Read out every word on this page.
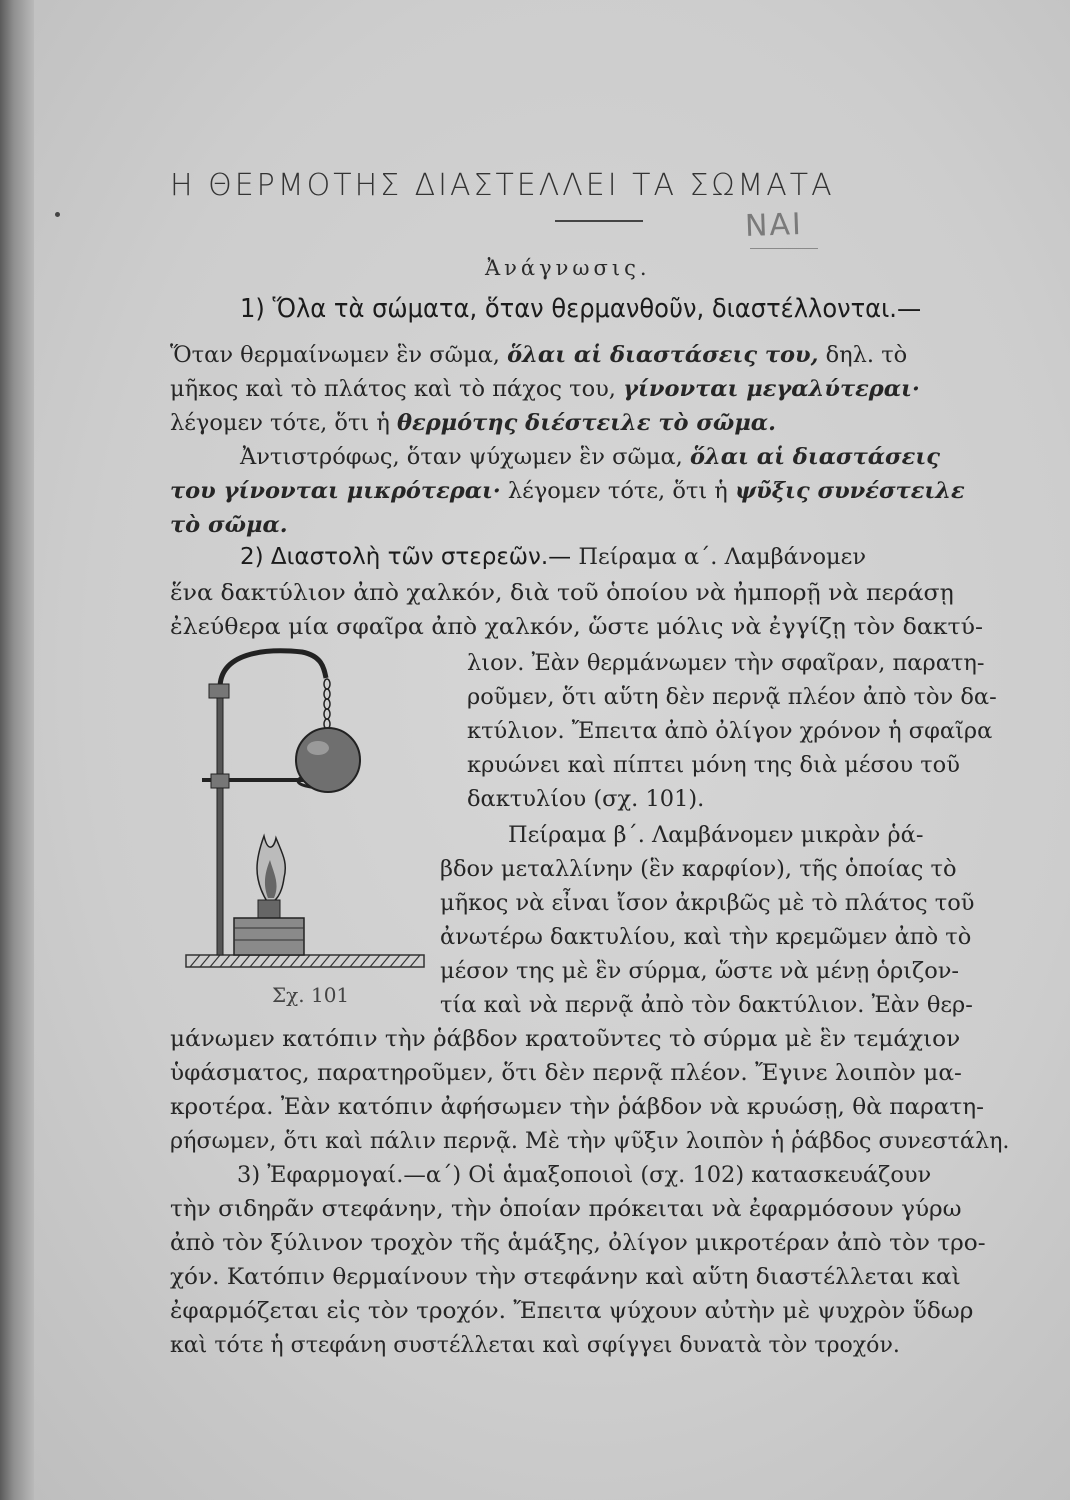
Η ΘΕΡΜΟΤΗΣ ΔΙΑΣΤΕΛΛΕΙ ΤΑ ΣΩΜΑΤΑ
ΝΑΙ
Ἀνάγνωσις.
1) Ὅλα τὰ σώματα, ὅταν θερμανθοῦν, διαστέλλονται.—
Ὅταν θερμαίνωμεν ἓν σῶμα, ὅλαι αἱ διαστάσεις του, δηλ. τὸ
μῆκος καὶ τὸ πλάτος καὶ τὸ πάχος του, γίνονται μεγαλύτεραι·
λέγομεν τότε, ὅτι ἡ θερμότης διέστειλε τὸ σῶμα.
Ἀντιστρόφως, ὅταν ψύχωμεν ἓν σῶμα, ὅλαι αἱ διαστάσεις
του γίνονται μικρότεραι· λέγομεν τότε, ὅτι ἡ ψῦξις συνέστειλε
τὸ σῶμα.
2) Διαστολὴ τῶν στερεῶν.— Πείραμα α΄. Λαμβάνομεν
ἕνα δακτύλιον ἀπὸ χαλκόν, διὰ τοῦ ὁποίου νὰ ἠμπορῇ νὰ περάσῃ
ἐλεύθερα μία σφαῖρα ἀπὸ χαλκόν, ὥστε μόλις νὰ ἐγγίζῃ τὸν δακτύ-
λιον. Ἐὰν θερμάνωμεν τὴν σφαῖραν, παρατη-
ροῦμεν, ὅτι αὕτη δὲν περνᾷ πλέον ἀπὸ τὸν δα-
κτύλιον. Ἔπειτα ἀπὸ ὀλίγον χρόνον ἡ σφαῖρα
κρυώνει καὶ πίπτει μόνη της διὰ μέσου τοῦ
δακτυλίου (σχ. 101).
Πείραμα β΄. Λαμβάνομεν μικρὰν ῥά-
βδον μεταλλίνην (ἓν καρφίον), τῆς ὁποίας τὸ
μῆκος νὰ εἶναι ἴσον ἀκριβῶς μὲ τὸ πλάτος τοῦ
ἀνωτέρω δακτυλίου, καὶ τὴν κρεμῶμεν ἀπὸ τὸ
μέσον της μὲ ἓν σύρμα, ὥστε νὰ μένῃ ὁριζον-
τία καὶ νὰ περνᾷ ἀπὸ τὸν δακτύλιον. Ἐὰν θερ-
μάνωμεν κατόπιν τὴν ῥάβδον κρατοῦντες τὸ σύρμα μὲ ἓν τεμάχιον
ὑφάσματος, παρατηροῦμεν, ὅτι δὲν περνᾷ πλέον. Ἔγινε λοιπὸν μα-
κροτέρα. Ἐὰν κατόπιν ἀφήσωμεν τὴν ῥάβδον νὰ κρυώσῃ, θὰ παρατη-
ρήσωμεν, ὅτι καὶ πάλιν περνᾷ. Μὲ τὴν ψῦξιν λοιπὸν ἡ ῥάβδος συνεστάλη.
3) Ἐφαρμογαί.—α΄) Οἱ ἁμαξοποιοὶ (σχ. 102) κατασκευάζουν
τὴν σιδηρᾶν στεφάνην, τὴν ὁποίαν πρόκειται νὰ ἐφαρμόσουν γύρω
ἀπὸ τὸν ξύλινον τροχὸν τῆς ἁμάξης, ὀλίγον μικροτέραν ἀπὸ τὸν τρο-
χόν. Κατόπιν θερμαίνουν τὴν στεφάνην καὶ αὕτη διαστέλλεται καὶ
ἐφαρμόζεται εἰς τὸν τροχόν. Ἔπειτα ψύχουν αὐτὴν μὲ ψυχρὸν ὕδωρ
καὶ τότε ἡ στεφάνη συστέλλεται καὶ σφίγγει δυνατὰ τὸν τροχόν.
Σχ. 101
